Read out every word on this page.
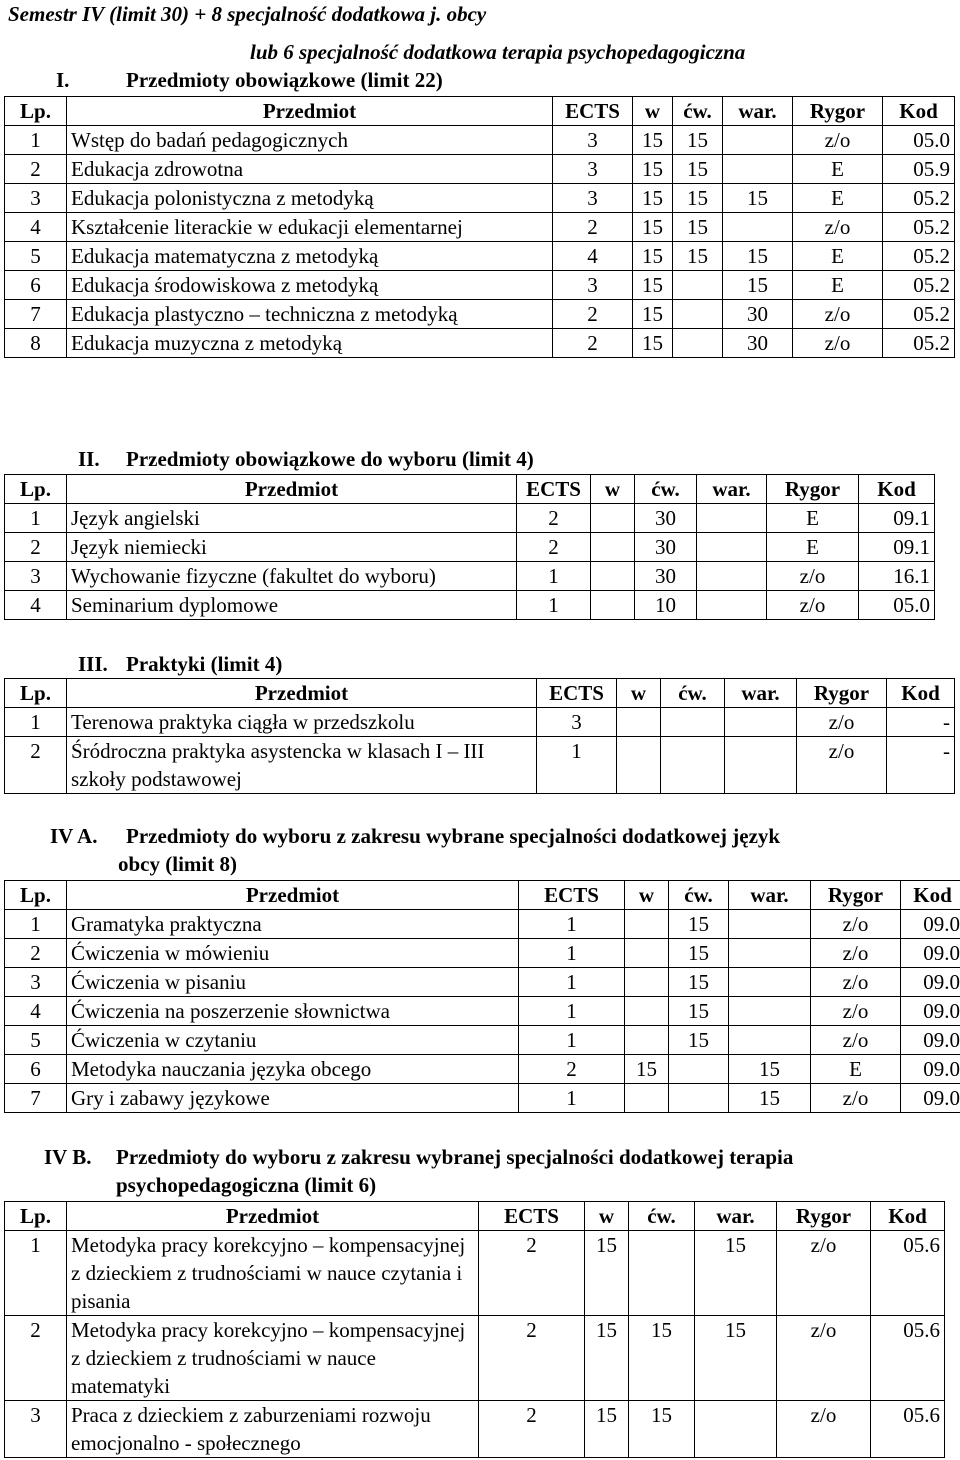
Semestr IV (limit 30) + 8 specjalność dodatkowa j. obcy
lub 6 specjalność dodatkowa terapia psychopedagogiczna
I.	Przedmioty obowiązkowe (limit 22)
Lp.	Przedmiot	ECTS	w	ćw.	war.	Rygor	Kod
1	Wstęp do badań pedagogicznych	3	15	15		z/o	05.0
2	Edukacja zdrowotna	3	15	15		E	05.9
3	Edukacja polonistyczna z metodyką	3	15	15	15	E	05.2
4	Kształcenie literackie w edukacji elementarnej	2	15	15		z/o	05.2
5	Edukacja matematyczna z metodyką	4	15	15	15	E	05.2
6	Edukacja środowiskowa z metodyką	3	15		15	E	05.2
7	Edukacja plastyczno – techniczna z metodyką	2	15		30	z/o	05.2
8	Edukacja muzyczna z metodyką	2	15		30	z/o	05.2
II. Przedmioty obowiązkowe do wyboru (limit 4)
Lp.	Przedmiot	ECTS	w	ćw.	war.	Rygor	Kod
1	Język angielski	2		30		E	09.1
2	Język niemiecki	2		30		E	09.1
3	Wychowanie fizyczne (fakultet do wyboru)	1		30		z/o	16.1
4	Seminarium dyplomowe	1		10		z/o	05.0
III. Praktyki (limit 4)
Lp.	Przedmiot	ECTS	w	ćw.	war.	Rygor	Kod
1	Terenowa praktyka ciągła w przedszkolu	3				z/o	-
2	Śródroczna praktyka asystencka w klasach I – III szkoły podstawowej	1				z/o	-
IV A. Przedmioty do wyboru z zakresu wybrane specjalności dodatkowej język
obcy (limit 8)
Lp.	Przedmiot	ECTS	w	ćw.	war.	Rygor	Kod
1	Gramatyka praktyczna	1		15		z/o	09.0
2	Ćwiczenia w mówieniu	1		15		z/o	09.0
3	Ćwiczenia w pisaniu	1		15		z/o	09.0
4	Ćwiczenia na poszerzenie słownictwa	1		15		z/o	09.0
5	Ćwiczenia w czytaniu	1		15		z/o	09.0
6	Metodyka nauczania języka obcego	2	15		15	E	09.0
7	Gry i zabawy językowe	1			15	z/o	09.0
IV B. Przedmioty do wyboru z zakresu wybranej specjalności dodatkowej terapia
psychopedagogiczna (limit 6)
Lp.	Przedmiot	ECTS	w	ćw.	war.	Rygor	Kod
1	Metodyka pracy korekcyjno – kompensacyjnej z dzieckiem z trudnościami w nauce czytania i pisania	2	15		15	z/o	05.6
2	Metodyka pracy korekcyjno – kompensacyjnej z dzieckiem z trudnościami w nauce matematyki	2	15	15	15	z/o	05.6
3	Praca z dzieckiem z zaburzeniami rozwoju emocjonalno - społecznego	2	15	15		z/o	05.6
